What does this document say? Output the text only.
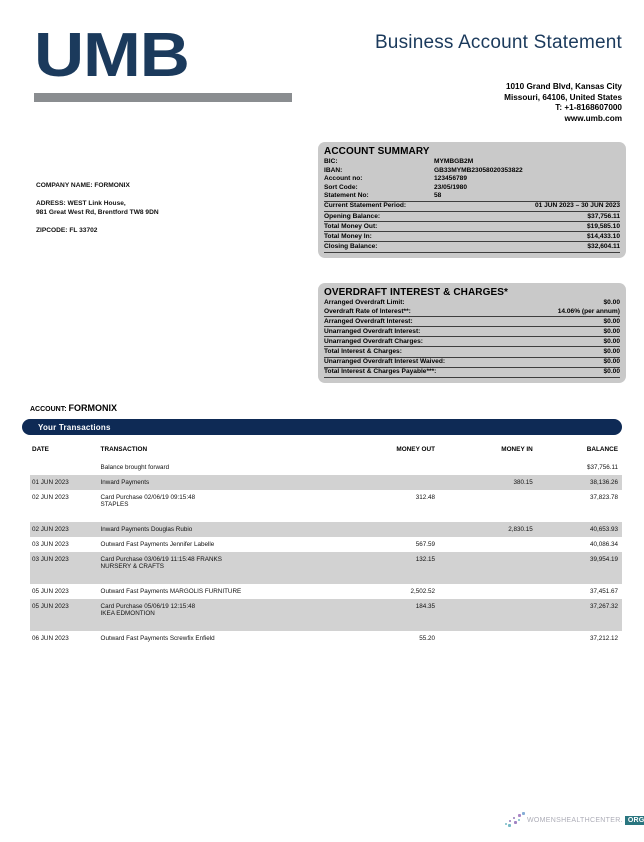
UMB	Business Account Statement
1010 Grand Blvd, Kansas City
Missouri, 64106, United States
T: +1-8168607000
www.umb.com
COMPANY NAME: FORMONIX
ADRESS: WEST Link House,
981 Great West Rd, Brentford TW8 9DN
ZIPCODE: FL 33702
ACCOUNT SUMMARY
BIC:	MYMBGB2M
IBAN:	GB33MYMB23058020353822
Account no:	123456789
Sort Code:	23/05/1980
Statement No:	58
Current Statement Period:	01 JUN 2023 – 30 JUN 2023
Opening Balance:	$37,756.11
Total Money Out:	$19,585.10
Total Money In:	$14,433.10
Closing Balance:	$32,604.11
OVERDRAFT INTEREST & CHARGES*
Arranged Overdraft Limit:	$0.00
Overdraft Rate of Interest**:	14.06% (per annum)
Arranged Overdraft Interest:	$0.00
Unarranged Overdraft Interest:	$0.00
Unarranged Overdraft Charges:	$0.00
Total Interest & Charges:	$0.00
Unarranged Overdraft Interest Waived:	$0.00
Total Interest & Charges Payable***:	$0.00
ACCOUNT: FORMONIX
Your Transactions
DATE	TRANSACTION	MONEY OUT	MONEY IN	BALANCE
	Balance brought forward			$37,756.11
01 JUN 2023	Inward Payments		380.15	38,136.26
02 JUN 2023	Card Purchase 02/06/19 09:15:48
STAPLES	312.48		37,823.78
02 JUN 2023	Inward Payments Douglas Rubio		2,830.15	40,653.93
03 JUN 2023	Outward Fast Payments Jennifer Labelle	567.59		40,086.34
03 JUN 2023	Card Purchase 03/06/19 11:15:48 FRANKS
NURSERY & CRAFTS	132.15		39,954.19
05 JUN 2023	Outward Fast Payments MARGOLIS FURNITURE	2,502.52		37,451.67
05 JUN 2023	Card Purchase 05/06/19 12:15:48
IKEA EDMONTION	184.35		37,267.32
06 JUN 2023	Outward Fast Payments Screwfix Enfield	55.20		37,212.12
WOMENSHEALTHCENTER. ORG
